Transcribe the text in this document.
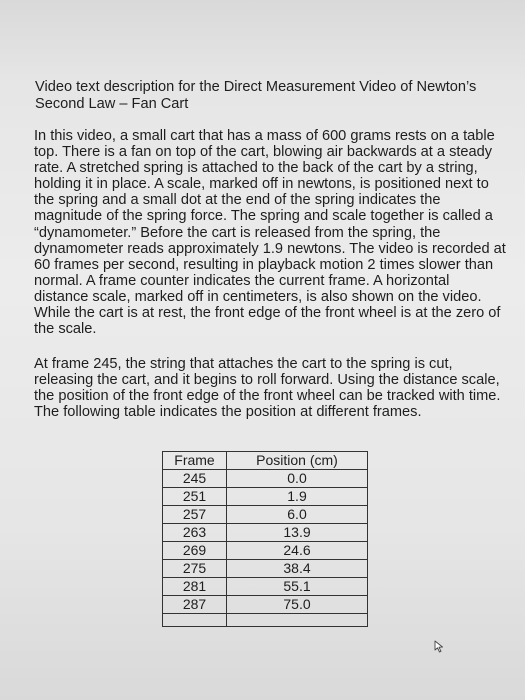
Video text description for the Direct Measurement Video of Newton’s Second Law – Fan Cart

In this video, a small cart that has a mass of 600 grams rests on a table top. There is a fan on top of the cart, blowing air backwards at a steady rate. A stretched spring is attached to the back of the cart by a string, holding it in place. A scale, marked off in newtons, is positioned next to the spring and a small dot at the end of the spring indicates the magnitude of the spring force. The spring and scale together is called a “dynamometer.” Before the cart is released from the spring, the dynamometer reads approximately 1.9 newtons. The video is recorded at 60 frames per second, resulting in playback motion 2 times slower than normal. A frame counter indicates the current frame. A horizontal distance scale, marked off in centimeters, is also shown on the video. While the cart is at rest, the front edge of the front wheel is at the zero of the scale.

At frame 245, the string that attaches the cart to the spring is cut, releasing the cart, and it begins to roll forward. Using the distance scale, the position of the front edge of the front wheel can be tracked with time. The following table indicates the position at different frames.

Frame	Position (cm)
245	0.0
251	1.9
257	6.0
263	13.9
269	24.6
275	38.4
281	55.1
287	75.0
